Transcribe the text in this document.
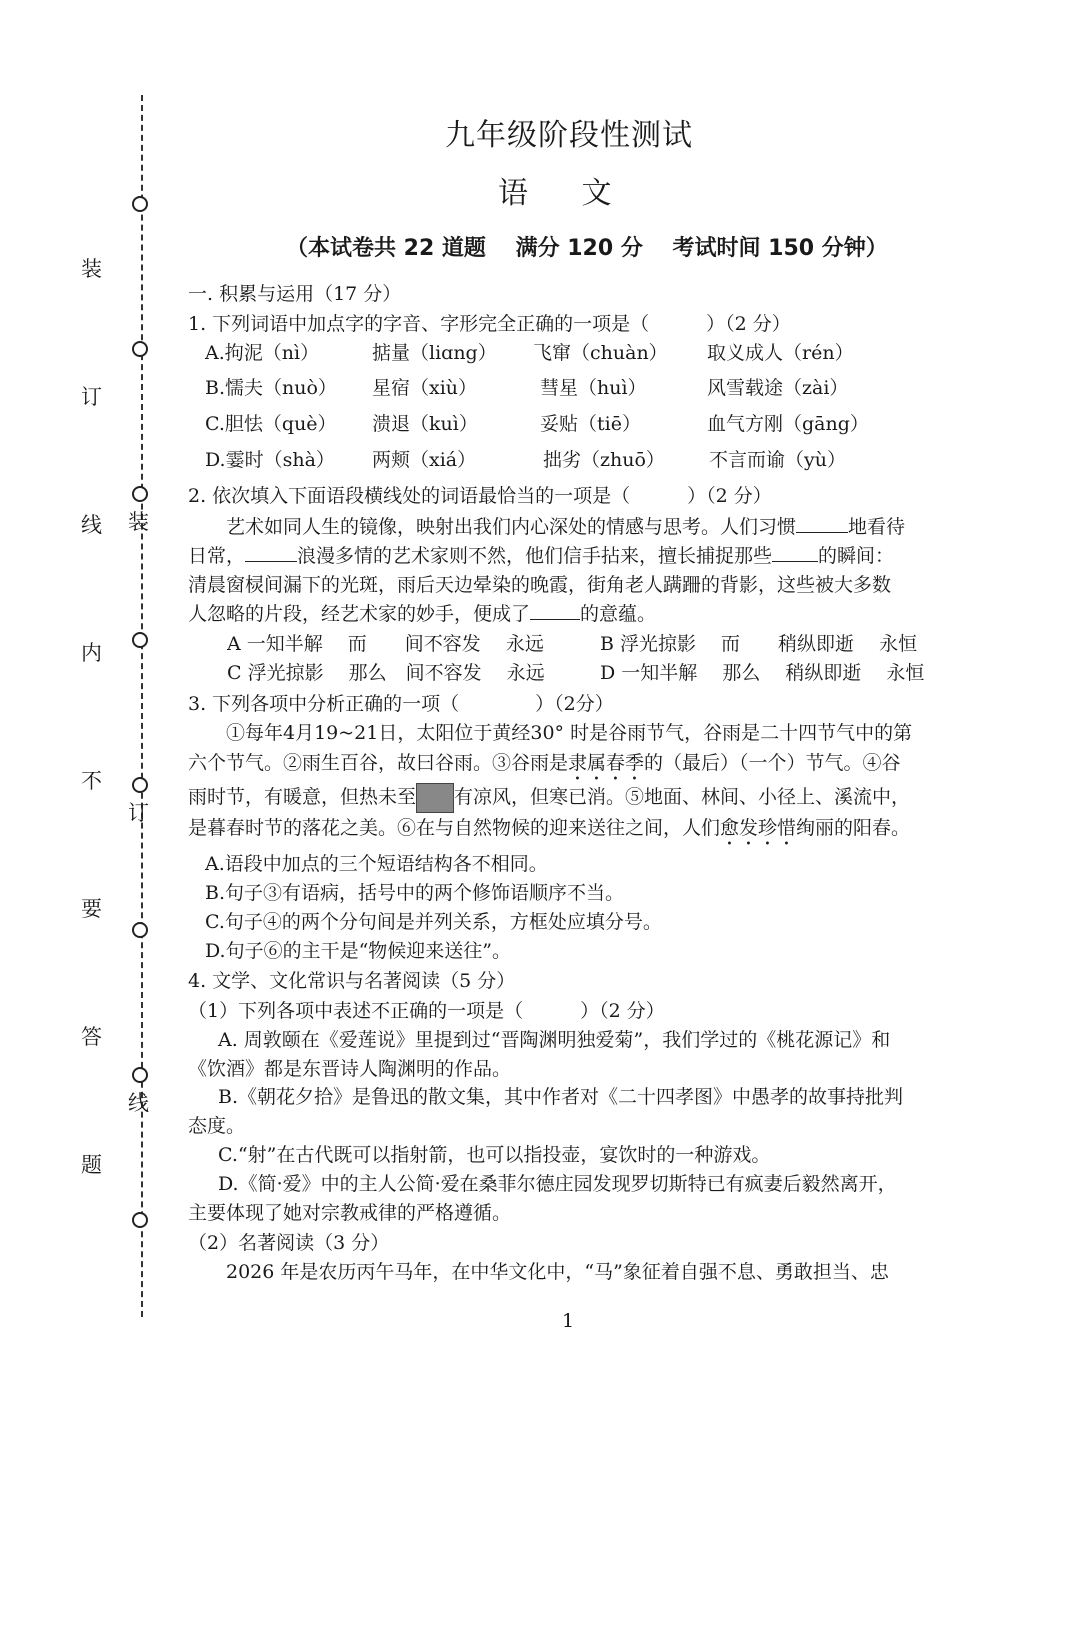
装
订
线
内
不
要
答
题
装
订
线
九年级阶段性测试
语 文
（本试卷共 22 道题　 满分 120 分　 考试时间 150 分钟）
一. 积累与运用（17 分）
1. 下列词语中加点字的字音、字形完全正确的一项是（　　　）（2 分）
A.拘泥（nì）	掂量（liɑng） 飞窜（chuàn） 取义成人（rén）
B.懦夫（nuò） 星宿（xiù）	彗星（huì）	风雪载途（zài）
C.胆怯（què） 溃退（kuì）	妥贴（tiē）	血气方刚（gāng）
D.霎时（shà） 两颊（xiá）	拙劣（zhuō） 不言而谕（yù）
2. 依次填入下面语段横线处的词语最恰当的一项是（　　　）（2 分）
艺术如同人生的镜像，映射出我们内心深处的情感与思考。人们习惯	地看待
日常，	浪漫多情的艺术家则不然，他们信手拈来，擅长捕捉那些 的瞬间：
清晨窗棂间漏下的光斑，雨后天边晕染的晚霞，街角老人蹒跚的背影，这些被大多数
人忽略的片段，经艺术家的妙手，便成了	的意蕴。
A 一知半解　 而　　间不容发　 永远	B 浮光掠影　 而　　稍纵即逝　 永恒
C 浮光掠影　 那么　间不容发　 永远	D 一知半解　 那么　 稍纵即逝　 永恒
3. 下列各项中分析正确的一项（　　　　）（2分）
①每年4月19~21日，太阳位于黄经30° 时是谷雨节气，谷雨是二十四节气中的第
六个节气。②雨生百谷，故曰谷雨。③谷雨是隶属春季的（最后）（一个）节气。④谷
雨时节，有暖意，但热未至 有凉风，但寒已消。⑤地面、林间、小径上、溪流中，
是暮春时节的落花之美。⑥在与自然物候的迎来送往之间，人们愈发珍惜绚丽的阳春。
A.语段中加点的三个短语结构各不相同。
B.句子③有语病，括号中的两个修饰语顺序不当。
C.句子④的两个分句间是并列关系，方框处应填分号。
D.句子⑥的主干是“物候迎来送往”。
4. 文学、文化常识与名著阅读（5 分）
（1）下列各项中表述不正确的一项是（　　　）（2 分）
A. 周敦颐在《爱莲说》里提到过“晋陶渊明独爱菊”，我们学过的《桃花源记》和
《饮酒》都是东晋诗人陶渊明的作品。
B.《朝花夕拾》是鲁迅的散文集，其中作者对《二十四孝图》中愚孝的故事持批判
态度。
C.“射”在古代既可以指射箭，也可以指投壶，宴饮时的一种游戏。
D.《简·爱》中的主人公简·爱在桑菲尔德庄园发现罗切斯特已有疯妻后毅然离开，
主要体现了她对宗教戒律的严格遵循。
（2）名著阅读（3 分）
2026 年是农历丙午马年，在中华文化中，“马”象征着自强不息、勇敢担当、忠
1
